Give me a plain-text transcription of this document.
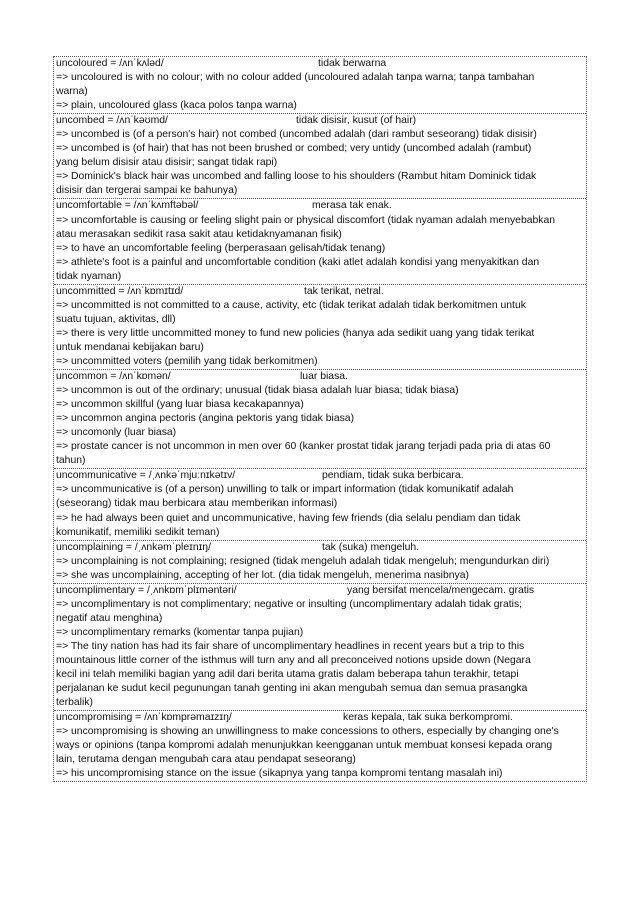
uncoloured = /ʌnˈkʌləd/	tidak berwarna
=> uncoloured is with no colour; with no colour added (uncoloured adalah tanpa warna; tanpa tambahan
warna)
=> plain, uncoloured glass (kaca polos tanpa warna)
uncombed = /ʌnˈkəʊmd/	tidak disisir, kusut (of hair)
=> uncombed is (of a person's hair) not combed (uncombed adalah (dari rambut seseorang) tidak disisir)
=> uncombed is (of hair) that has not been brushed or combed; very untidy (uncombed adalah (rambut)
yang belum disisir atau disisir; sangat tidak rapi)
=> Dominick's black hair was uncombed and falling loose to his shoulders (Rambut hitam Dominick tidak
disisir dan tergerai sampai ke bahunya)
uncomfortable = /ʌnˈkʌmftəbəl/	merasa tak enak.
=> uncomfortable is causing or feeling slight pain or physical discomfort (tidak nyaman adalah menyebabkan
atau merasakan sedikit rasa sakit atau ketidaknyamanan fisik)
=> to have an uncomfortable feeling (berperasaan gelisah/tidak tenang)
=> athlete's foot is a painful and uncomfortable condition (kaki atlet adalah kondisi yang menyakitkan dan
tidak nyaman)
uncommitted = /ʌnˈkɒmɪtɪd/	tak terikat, netral.
=> uncommitted is not committed to a cause, activity, etc (tidak terikat adalah tidak berkomitmen untuk
suatu tujuan, aktivitas, dll)
=> there is very little uncommitted money to fund new policies (hanya ada sedikit uang yang tidak terikat
untuk mendanai kebijakan baru)
=> uncommitted voters (pemilih yang tidak berkomitmen)
uncommon = /ʌnˈkɒmən/	luar biasa.
=> uncommon is out of the ordinary; unusual (tidak biasa adalah luar biasa; tidak biasa)
=> uncommon skillful (yang luar biasa kecakapannya)
=> uncommon angina pectoris (angina pektoris yang tidak biasa)
=> uncomonly (luar biasa)
=> prostate cancer is not uncommon in men over 60 (kanker prostat tidak jarang terjadi pada pria di atas 60
tahun)
uncommunicative = /ˌʌnkəˈmjuːnɪkətɪv/	pendiam, tidak suka berbicara.
=> uncommunicative is (of a person) unwilling to talk or impart information (tidak komunikatif adalah
(seseorang) tidak mau berbicara atau memberikan informasi)
=> he had always been quiet and uncommunicative, having few friends (dia selalu pendiam dan tidak
komunikatif, memiliki sedikit teman)
uncomplaining = /ˌʌnkəmˈpleɪnɪŋ/	tak (suka) mengeluh.
=> uncomplaining is not complaining; resigned (tidak mengeluh adalah tidak mengeluh; mengundurkan diri)
=> she was uncomplaining, accepting of her lot. (dia tidak mengeluh, menerima nasibnya)
uncomplimentary = /ˌʌnkɒmˈplɪməntəri/	yang bersifat mencela/mengecam. gratis
=> uncomplimentary is not complimentary; negative or insulting (uncomplimentary adalah tidak gratis;
negatif atau menghina)
=> uncomplimentary remarks (komentar tanpa pujian)
=> The tiny nation has had its fair share of uncomplimentary headlines in recent years but a trip to this
mountainous little corner of the isthmus will turn any and all preconceived notions upside down (Negara
kecil ini telah memiliki bagian yang adil dari berita utama gratis dalam beberapa tahun terakhir, tetapi
perjalanan ke sudut kecil pegunungan tanah genting ini akan mengubah semua dan semua prasangka
terbalik)
uncompromising = /ʌnˈkɒmprəmaɪzɪŋ/	keras kepala, tak suka berkompromi.
=> uncompromising is showing an unwillingness to make concessions to others, especially by changing one's
ways or opinions (tanpa kompromi adalah menunjukkan keengganan untuk membuat konsesi kepada orang
lain, terutama dengan mengubah cara atau pendapat seseorang)
=> his uncompromising stance on the issue (sikapnya yang tanpa kompromi tentang masalah ini)
